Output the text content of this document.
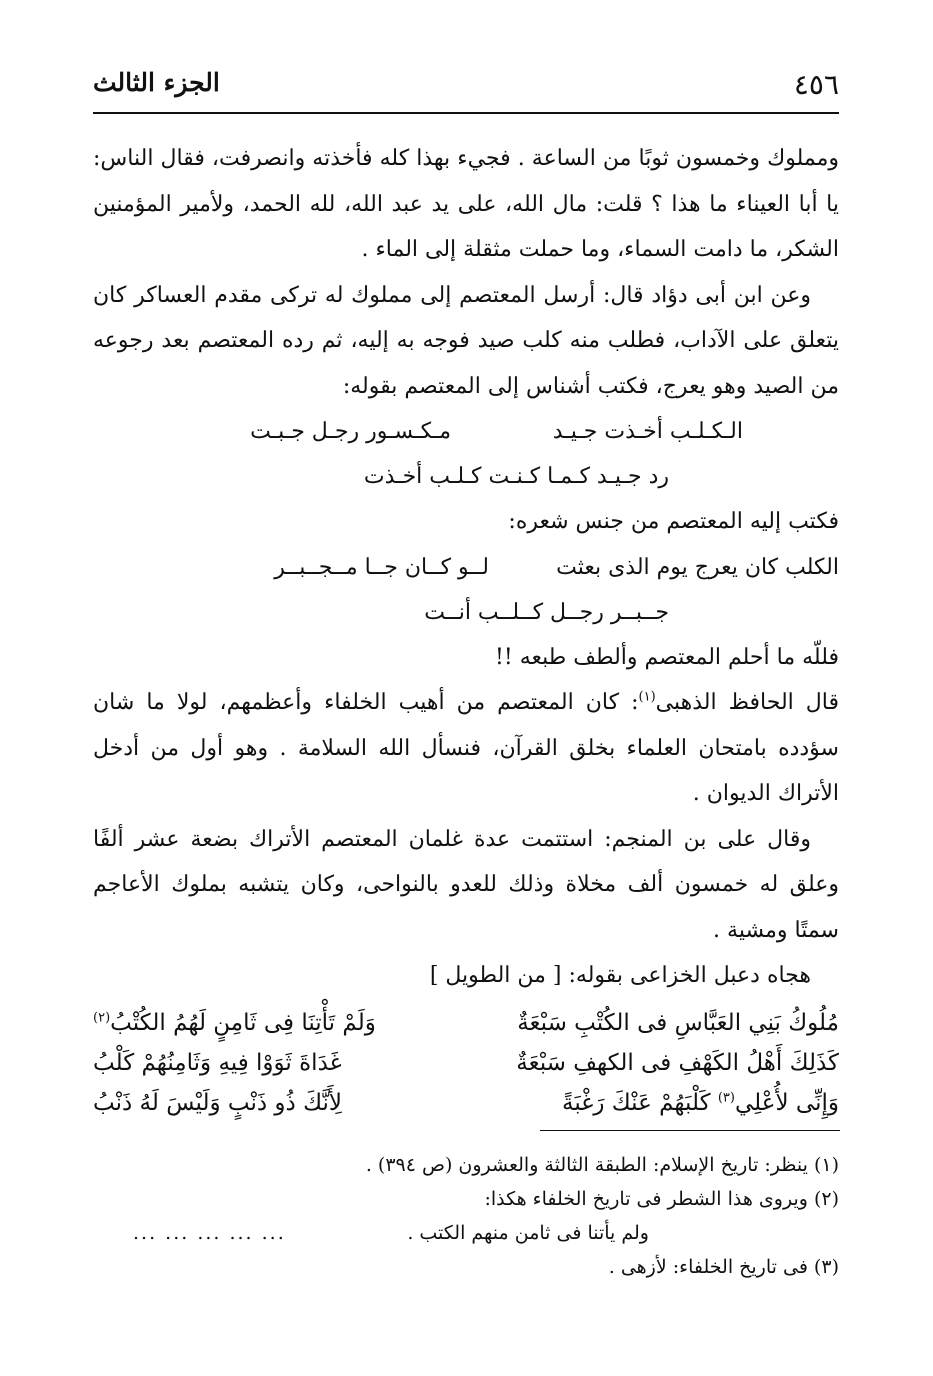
٤٥٦
الجزء الثالث

ومملوك وخمسون ثوبًا من الساعة . فجيء بهذا كله فأخذته وانصرفت، فقال الناس: يا أبا العيناء ما هذا ؟ قلت: مال الله، على يد عبد الله، لله الحمد، ولأمير المؤمنين الشكر، ما دامت السماء، وما حملت مثقلة إلى الماء .

وعن ابن أبى دؤاد قال: أرسل المعتصم إلى مملوك له تركى مقدم العساكر كان يتعلق على الآداب، فطلب منه كلب صيد فوجه به إليه، ثم رده المعتصم بعد رجوعه من الصيد وهو يعرج، فكتب أشناس إلى المعتصم بقوله:

الـكـلـب أخـذت جـيـد
مـكـسـور رجـل جـبـت
رد جـيـد كـمـا كـنـت كـلـب أخـذت

فكتب إليه المعتصم من جنس شعره:

الكلب كان يعرج يوم الذى بعثت
لــو كــان جــا مــجــبــر
جــبــر رجــل كــلــب أنــت

فللّه ما أحلم المعتصم وألطف طبعه !!

قال الحافظ الذهبى$^{(١)}$: كان المعتصم من أهيب الخلفاء وأعظمهم، لولا ما شان سؤدده بامتحان العلماء بخلق القرآن، فنسأل الله السلامة . وهو أول من أدخل الأتراك الديوان .

وقال على بن المنجم: استتمت عدة غلمان المعتصم الأتراك بضعة عشر ألفًا وعلق له خمسون ألف مخلاة وذلك للعدو بالنواحى، وكان يتشبه بملوك الأعاجم سمتًا ومشية .

هجاه دعبل الخزاعى بقوله: [ من الطويل ]

مُلُوكُ بَنِي العَبَّاسِ فى الكُتْبِ سَبْعَةٌ
وَلَمْ تَأْتِنَا فِى ثَامِنٍ لَهُمُ الكُتْبُ$^{(٢)}$
كَذَلِكَ أَهْلُ الكَهْفِ فى الكهفِ سَبْعَةٌ
غَدَاةَ ثَوَوْا فِيهِ وَثَامِنُهُمْ كَلْبُ
وَإِنِّى لأُعْلِي$^{(٣)}$ كَلْبَهُمْ عَنْكَ رَغْبَةً
لِأَنَّكَ ذُو ذَنْبٍ وَلَيْسَ لَهُ ذَنْبُ

(١) ينظر: تاريخ الإسلام: الطبقة الثالثة والعشرون (ص ٣٩٤) .

(٢) ويروى هذا الشطر فى تاريخ الخلفاء هكذا:

ولم يأتنا فى ثامن منهم الكتب .
... ... ... ... ...

(٣) فى تاريخ الخلفاء: لأزهى .
